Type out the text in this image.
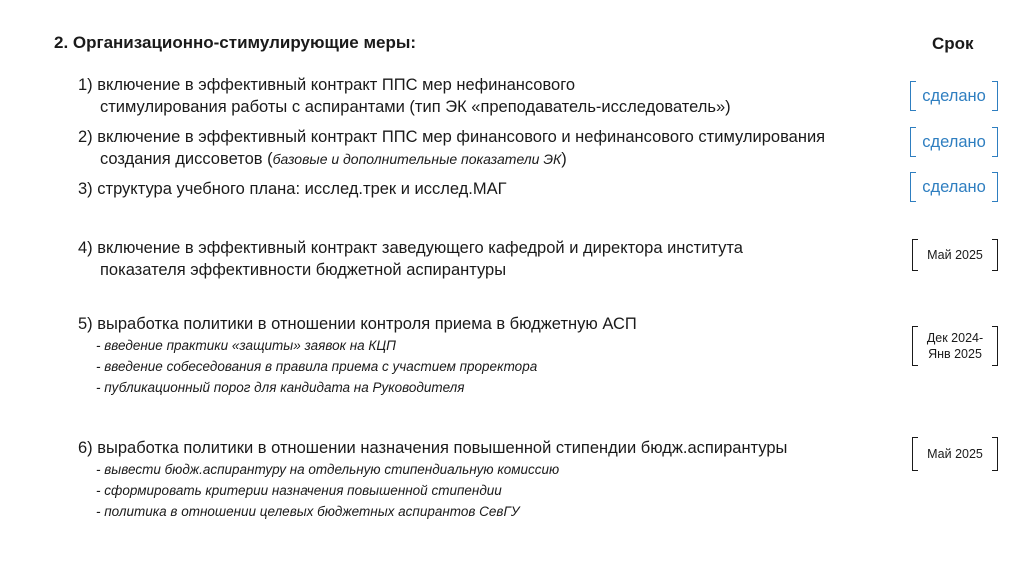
2. Организационно-стимулирующие меры:	Срок
1) включение в эффективный контракт ППС мер нефинансового
стимулирования работы с аспирантами (тип ЭК «преподаватель-исследователь»)
сделано
2) включение в эффективный контракт ППС мер финансового и нефинансового стимулирования
создания диссоветов (базовые и дополнительные показатели ЭК)
сделано
3) структура учебного плана: исслед.трек и исслед.МАГ	сделано
4) включение в эффективный контракт заведующего кафедрой и директора института
показателя эффективности бюджетной аспирантуры
Май 2025
5) выработка политики в отношении контроля приема в бюджетную АСП
- введение практики «защиты» заявок на КЦП
- введение собеседования в правила приема с участием проректора
- публикационный порог для кандидата на Руководителя
Дек 2024-
Янв 2025
6) выработка политики в отношении назначения повышенной стипендии бюдж.аспирантуры
- вывести бюдж.аспирантуру на отдельную стипендиальную комиссию
- сформировать критерии назначения повышенной стипендии
- политика в отношении целевых бюджетных аспирантов СевГУ
Май 2025
